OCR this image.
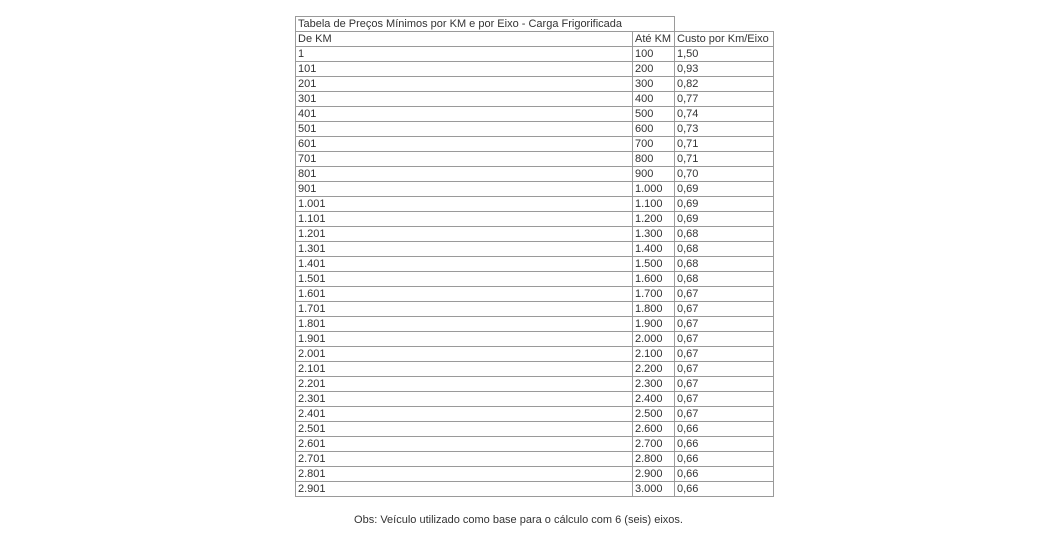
Tabela de Preços Mínimos por KM e por Eixo - Carga Frigorificada		
De KM	Até KM	Custo por Km/Eixo
1	100	1,50
101	200	0,93
201	300	0,82
301	400	0,77
401	500	0,74
501	600	0,73
601	700	0,71
701	800	0,71
801	900	0,70
901	1.000	0,69
1.001	1.100	0,69
1.101	1.200	0,69
1.201	1.300	0,68
1.301	1.400	0,68
1.401	1.500	0,68
1.501	1.600	0,68
1.601	1.700	0,67
1.701	1.800	0,67
1.801	1.900	0,67
1.901	2.000	0,67
2.001	2.100	0,67
2.101	2.200	0,67
2.201	2.300	0,67
2.301	2.400	0,67
2.401	2.500	0,67
2.501	2.600	0,66
2.601	2.700	0,66
2.701	2.800	0,66
2.801	2.900	0,66
2.901	3.000	0,66
Obs: Veículo utilizado como base para o cálculo com 6 (seis) eixos.
